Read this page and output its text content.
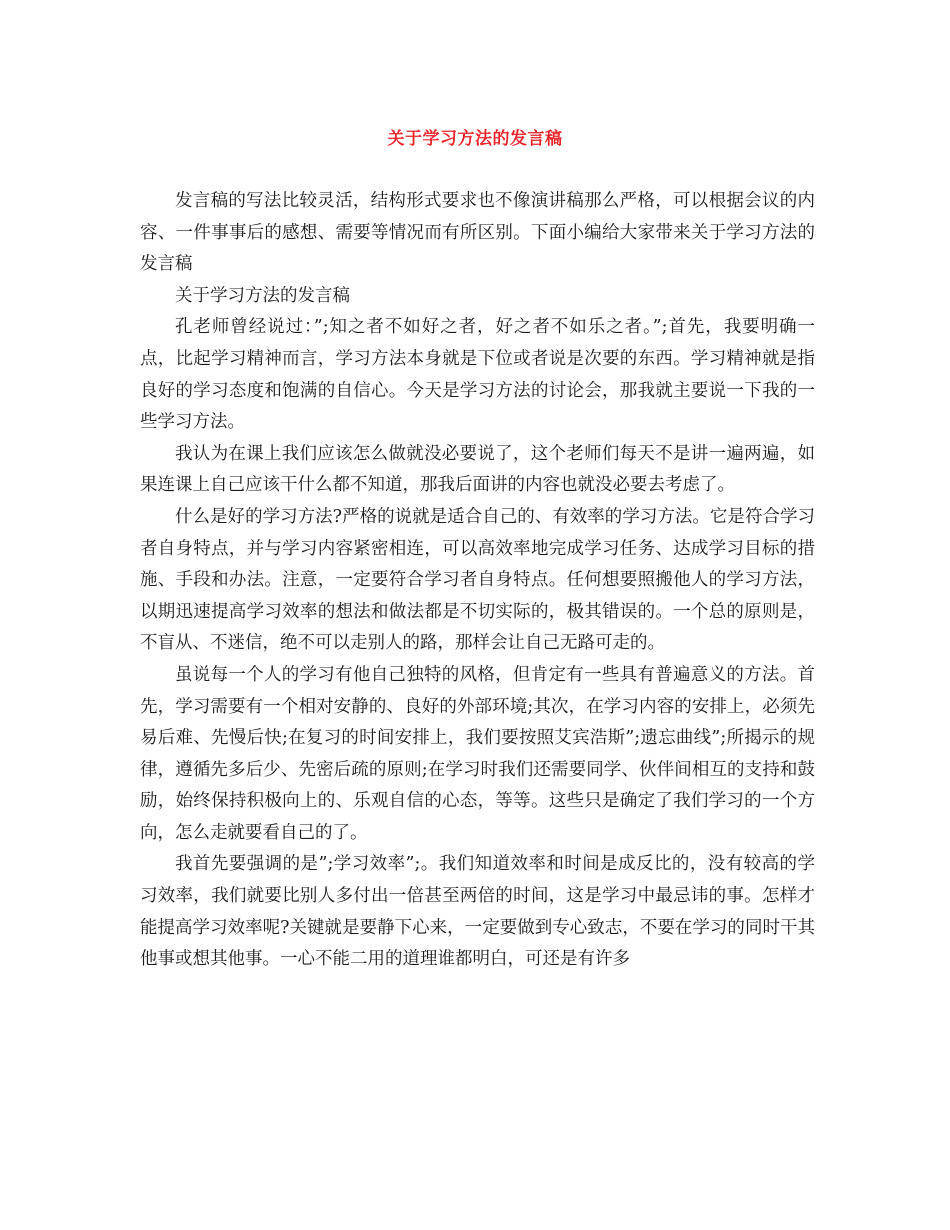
关于学习方法的发言稿

发言稿的写法比较灵活，结构形式要求也不像演讲稿那么严格，可以根据会议的内容、一件事事后的感想、需要等情况而有所区别。下面小编给大家带来关于学习方法的发言稿

关于学习方法的发言稿

孔老师曾经说过：”;知之者不如好之者，好之者不如乐之者。”;首先，我要明确一点，比起学习精神而言，学习方法本身就是下位或者说是次要的东西。学习精神就是指良好的学习态度和饱满的自信心。今天是学习方法的讨论会，那我就主要说一下我的一些学习方法。

我认为在课上我们应该怎么做就没必要说了，这个老师们每天不是讲一遍两遍，如果连课上自己应该干什么都不知道，那我后面讲的内容也就没必要去考虑了。

什么是好的学习方法?严格的说就是适合自己的、有效率的学习方法。它是符合学习者自身特点，并与学习内容紧密相连，可以高效率地完成学习任务、达成学习目标的措施、手段和办法。注意，一定要符合学习者自身特点。任何想要照搬他人的学习方法，以期迅速提高学习效率的想法和做法都是不切实际的，极其错误的。一个总的原则是，不盲从、不迷信，绝不可以走别人的路，那样会让自己无路可走的。

虽说每一个人的学习有他自己独特的风格，但肯定有一些具有普遍意义的方法。首先，学习需要有一个相对安静的、良好的外部环境;其次，在学习内容的安排上，必须先易后难、先慢后快;在复习的时间安排上，我们要按照艾宾浩斯”;遗忘曲线”;所揭示的规律，遵循先多后少、先密后疏的原则;在学习时我们还需要同学、伙伴间相互的支持和鼓励，始终保持积极向上的、乐观自信的心态，等等。这些只是确定了我们学习的一个方向，怎么走就要看自己的了。

我首先要强调的是”;学习效率”;。我们知道效率和时间是成反比的，没有较高的学习效率，我们就要比别人多付出一倍甚至两倍的时间，这是学习中最忌讳的事。怎样才能提高学习效率呢?关键就是要静下心来，一定要做到专心致志，不要在学习的同时干其他事或想其他事。一心不能二用的道理谁都明白，可还是有许多
